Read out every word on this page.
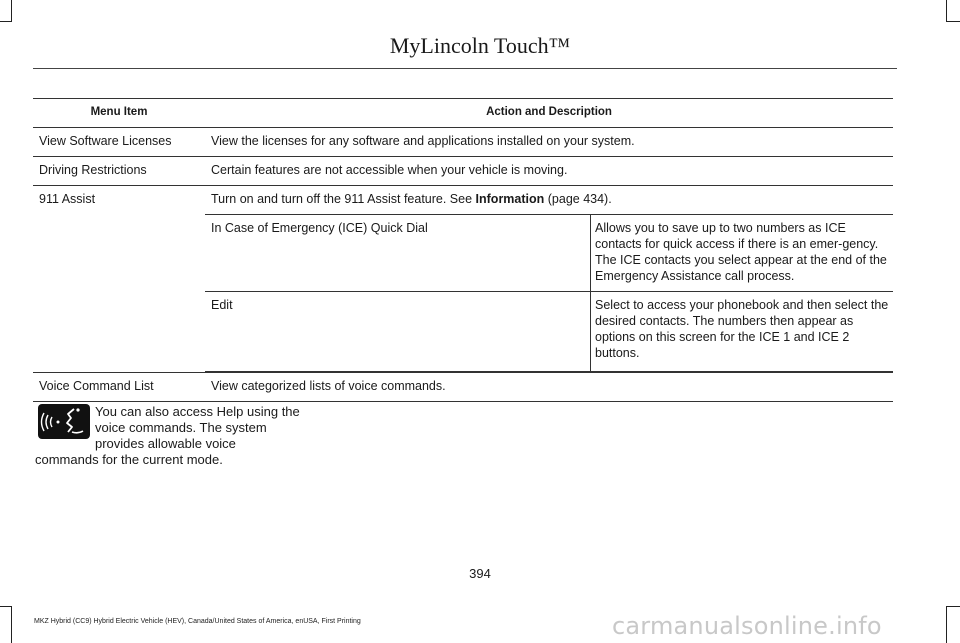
MyLincoln Touch™
Menu Item	Action and Description
View Software Licenses	View the licenses for any software and applications installed on your system.
Driving Restrictions	Certain features are not accessible when your vehicle is moving.
911 Assist	Turn on and turn off the 911 Assist feature. See Information (page 434).

In Case of Emergency (ICE) Quick Dial	Allows you to save up to two numbers as ICE contacts for quick access if there is an emer-gency.
The ICE contacts you select appear at the end of the Emergency Assistance call process.

Edit	Select to access your phonebook and then select the desired contacts. The numbers then appear as options on this screen for the ICE 1 and ICE 2 buttons.

Voice Command List	View categorized lists of voice commands.
You can also access Help using the voice commands. The system provides allowable voice
commands for the current mode.
394
MKZ Hybrid (CC9) Hybrid Electric Vehicle (HEV), Canada/United States of America, enUSA, First Printing	carmanualsonline.info
